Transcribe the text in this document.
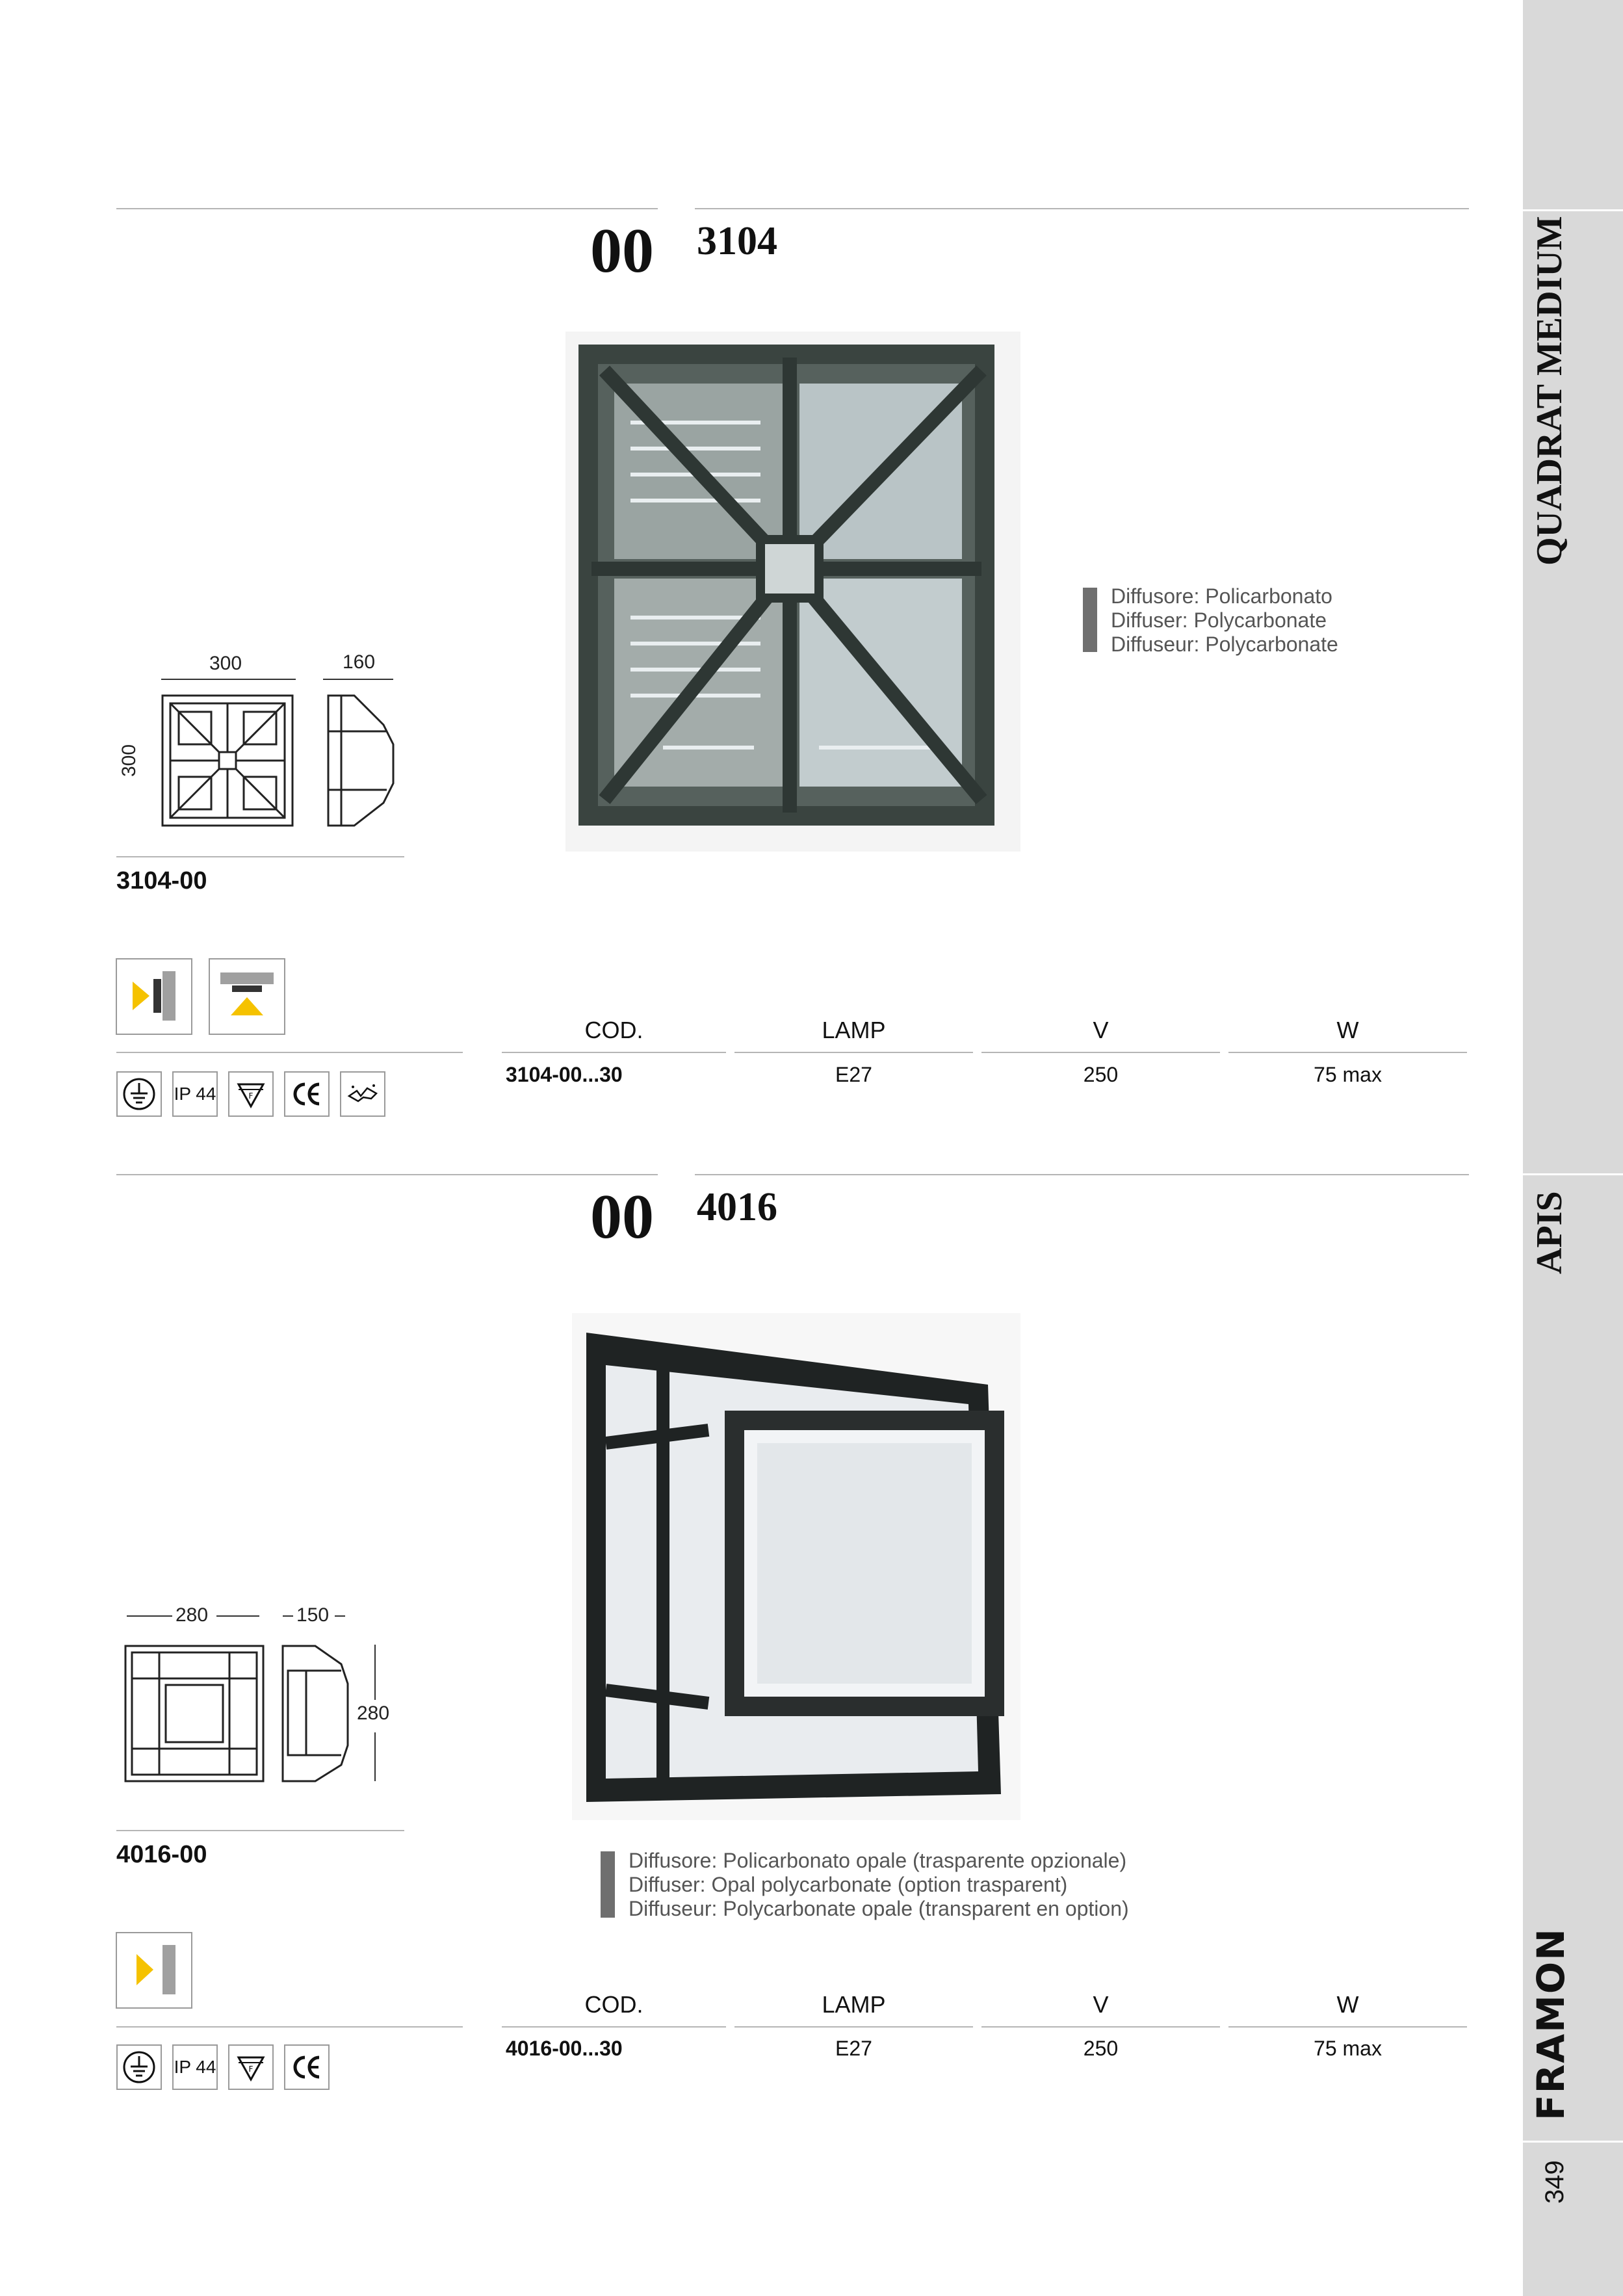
QUADRAT MEDIUM
APIS
FRAMON
349
00 3104
300	160
300
3104-00
IP 44	F
Diffusore: Policarbonato
Diffuser: Polycarbonate
Diffuseur: Polycarbonate
COD.	LAMP	V	W
3104-00...30	E27	250	75 max
00 4016
280	150
280
4016-00
IP 44	F
Diffusore: Policarbonato opale (trasparente opzionale)
Diffuser: Opal polycarbonate (option trasparent)
Diffuseur: Polycarbonate opale (transparent en option)
COD.	LAMP	V	W
4016-00...30	E27	250	75 max
